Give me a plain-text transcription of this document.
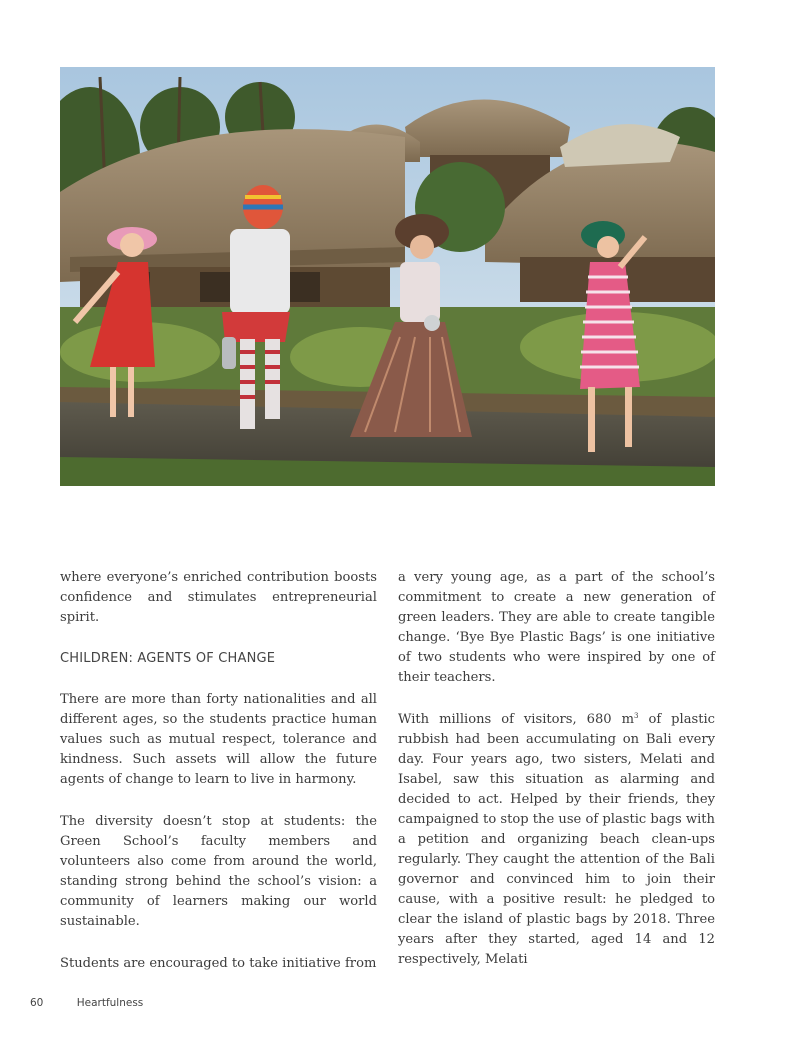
where everyone’s enriched contribution boosts confidence and stimulates entrepreneurial spirit.

CHILDREN: AGENTS OF CHANGE

There are more than forty nationalities and all different ages, so the students practice human values such as mutual respect, tolerance and kindness. Such assets will allow the future agents of change to learn to live in harmony.

The diversity doesn’t stop at students: the Green School’s faculty members and volunteers also come from around the world, standing strong behind the school’s vision: a community of learners making our world sustainable.

Students are encouraged to take initiative from

a very young age, as a part of the school’s commitment to create a new generation of green leaders. They are able to create tangible change. ‘Bye Bye Plastic Bags’ is one initiative of two students who were inspired by one of their teachers.

With millions of visitors, 680 $m^3$ of plastic rubbish had been accumulating on Bali every day. Four years ago, two sisters, Melati and Isabel, saw this situation as alarming and decided to act. Helped by their friends, they campaigned to stop the use of plastic bags with a petition and organizing beach clean-ups regularly. They caught the attention of the Bali governor and convinced him to join their cause, with a positive result: he pledged to clear the island of plastic bags by 2018. Three years after they started, aged 14 and 12 respectively, Melati

60	Heartfulness
